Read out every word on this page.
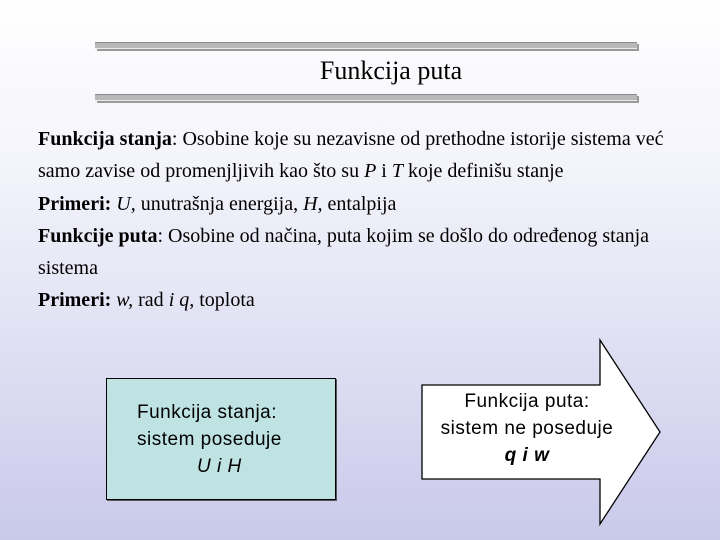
Funkcija puta

Funkcija stanja: Osobine koje su nezavisne od prethodne istorije sistema već samo zavise od promenjljivih kao što su P i T koje definišu stanje

Primeri: U, unutrašnja energija, H, entalpija

Funkcije puta: Osobine od načina, puta kojim se došlo do određenog stanja sistema

Primeri: w, rad i q, toplota

Funkcija stanja:
sistem poseduje
U i H
Funkcija puta:
sistem ne poseduje
q i w
